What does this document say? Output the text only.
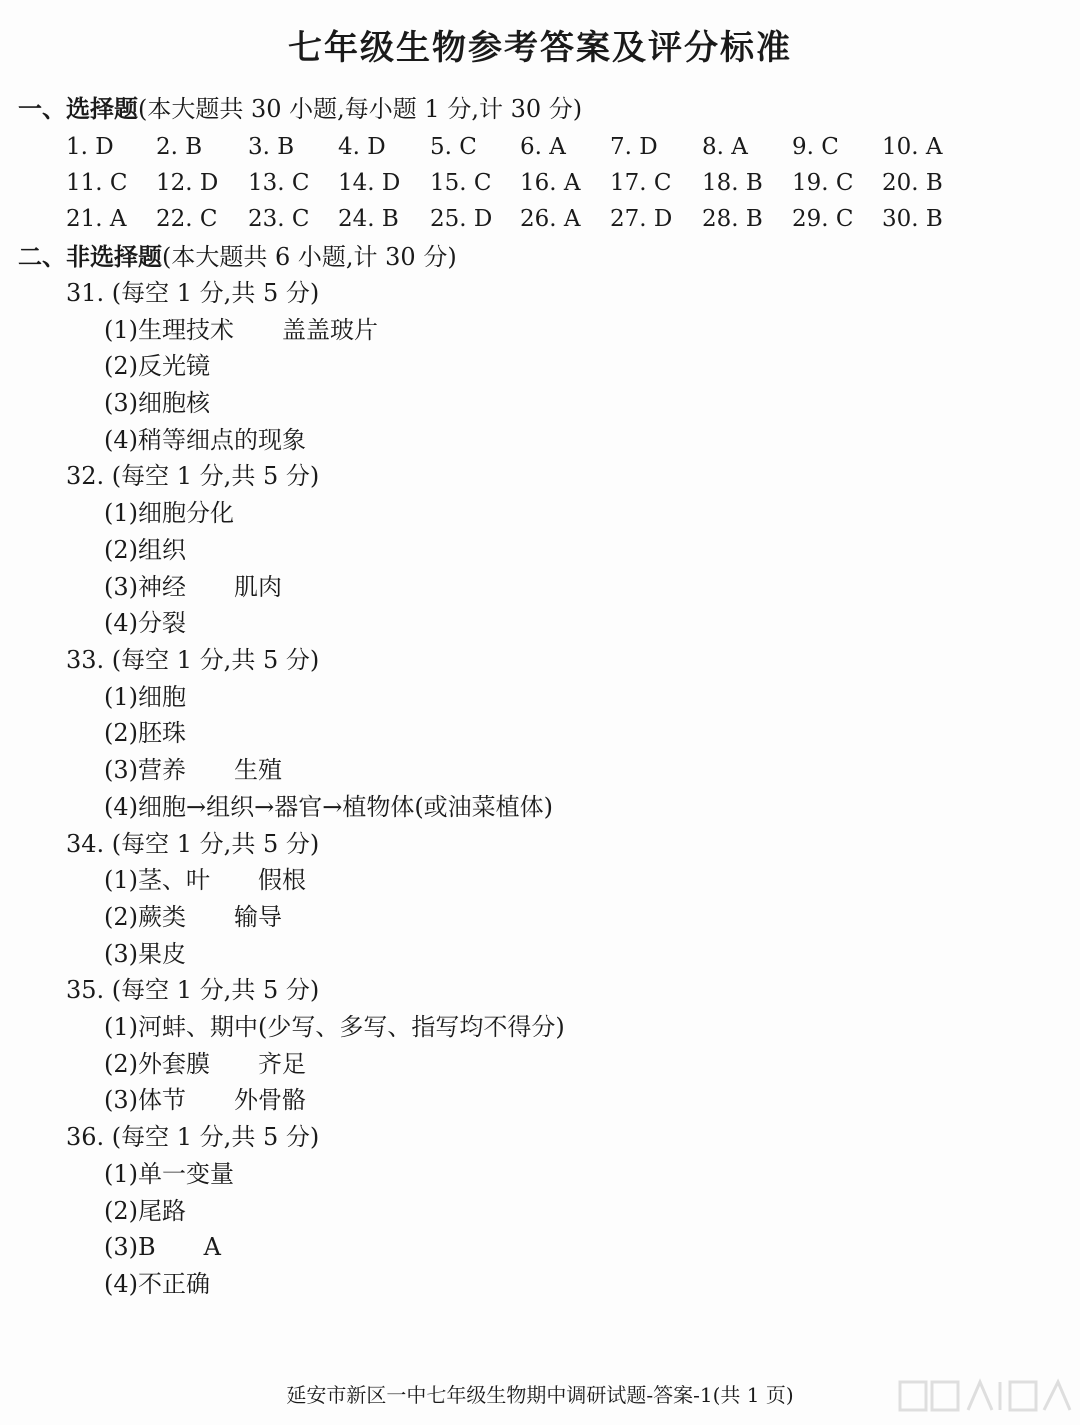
七年级生物参考答案及评分标准
一、选择题(本大题共 30 小题,每小题 1 分,计 30 分)
1. D 2. B 3. B 4. D 5. C 6. A 7. D 8. A 9. C 10. A
11. C 12. D 13. C 14. D 15. C 16. A 17. C 18. B 19. C 20. B
21. A 22. C 23. C 24. B 25. D 26. A 27. D 28. B 29. C 30. B
二、非选择题(本大题共 6 小题,计 30 分)
31. (每空 1 分,共 5 分)
(1)生理技术 盖盖玻片
(2)反光镜
(3)细胞核
(4)稍等细点的现象
32. (每空 1 分,共 5 分)
(1)细胞分化
(2)组织
(3)神经 肌肉
(4)分裂
33. (每空 1 分,共 5 分)
(1)细胞
(2)胚珠
(3)营养 生殖
(4)细胞→组织→器官→植物体(或油菜植体)
34. (每空 1 分,共 5 分)
(1)茎、叶 假根
(2)蕨类 输导
(3)果皮
35. (每空 1 分,共 5 分)
(1)河蚌、期中(少写、多写、指写均不得分)
(2)外套膜 齐足
(3)体节 外骨骼
36. (每空 1 分,共 5 分)
(1)单一变量
(2)尾路
(3)B A
(4)不正确
延安市新区一中七年级生物期中调研试题-答案-1(共 1 页)
